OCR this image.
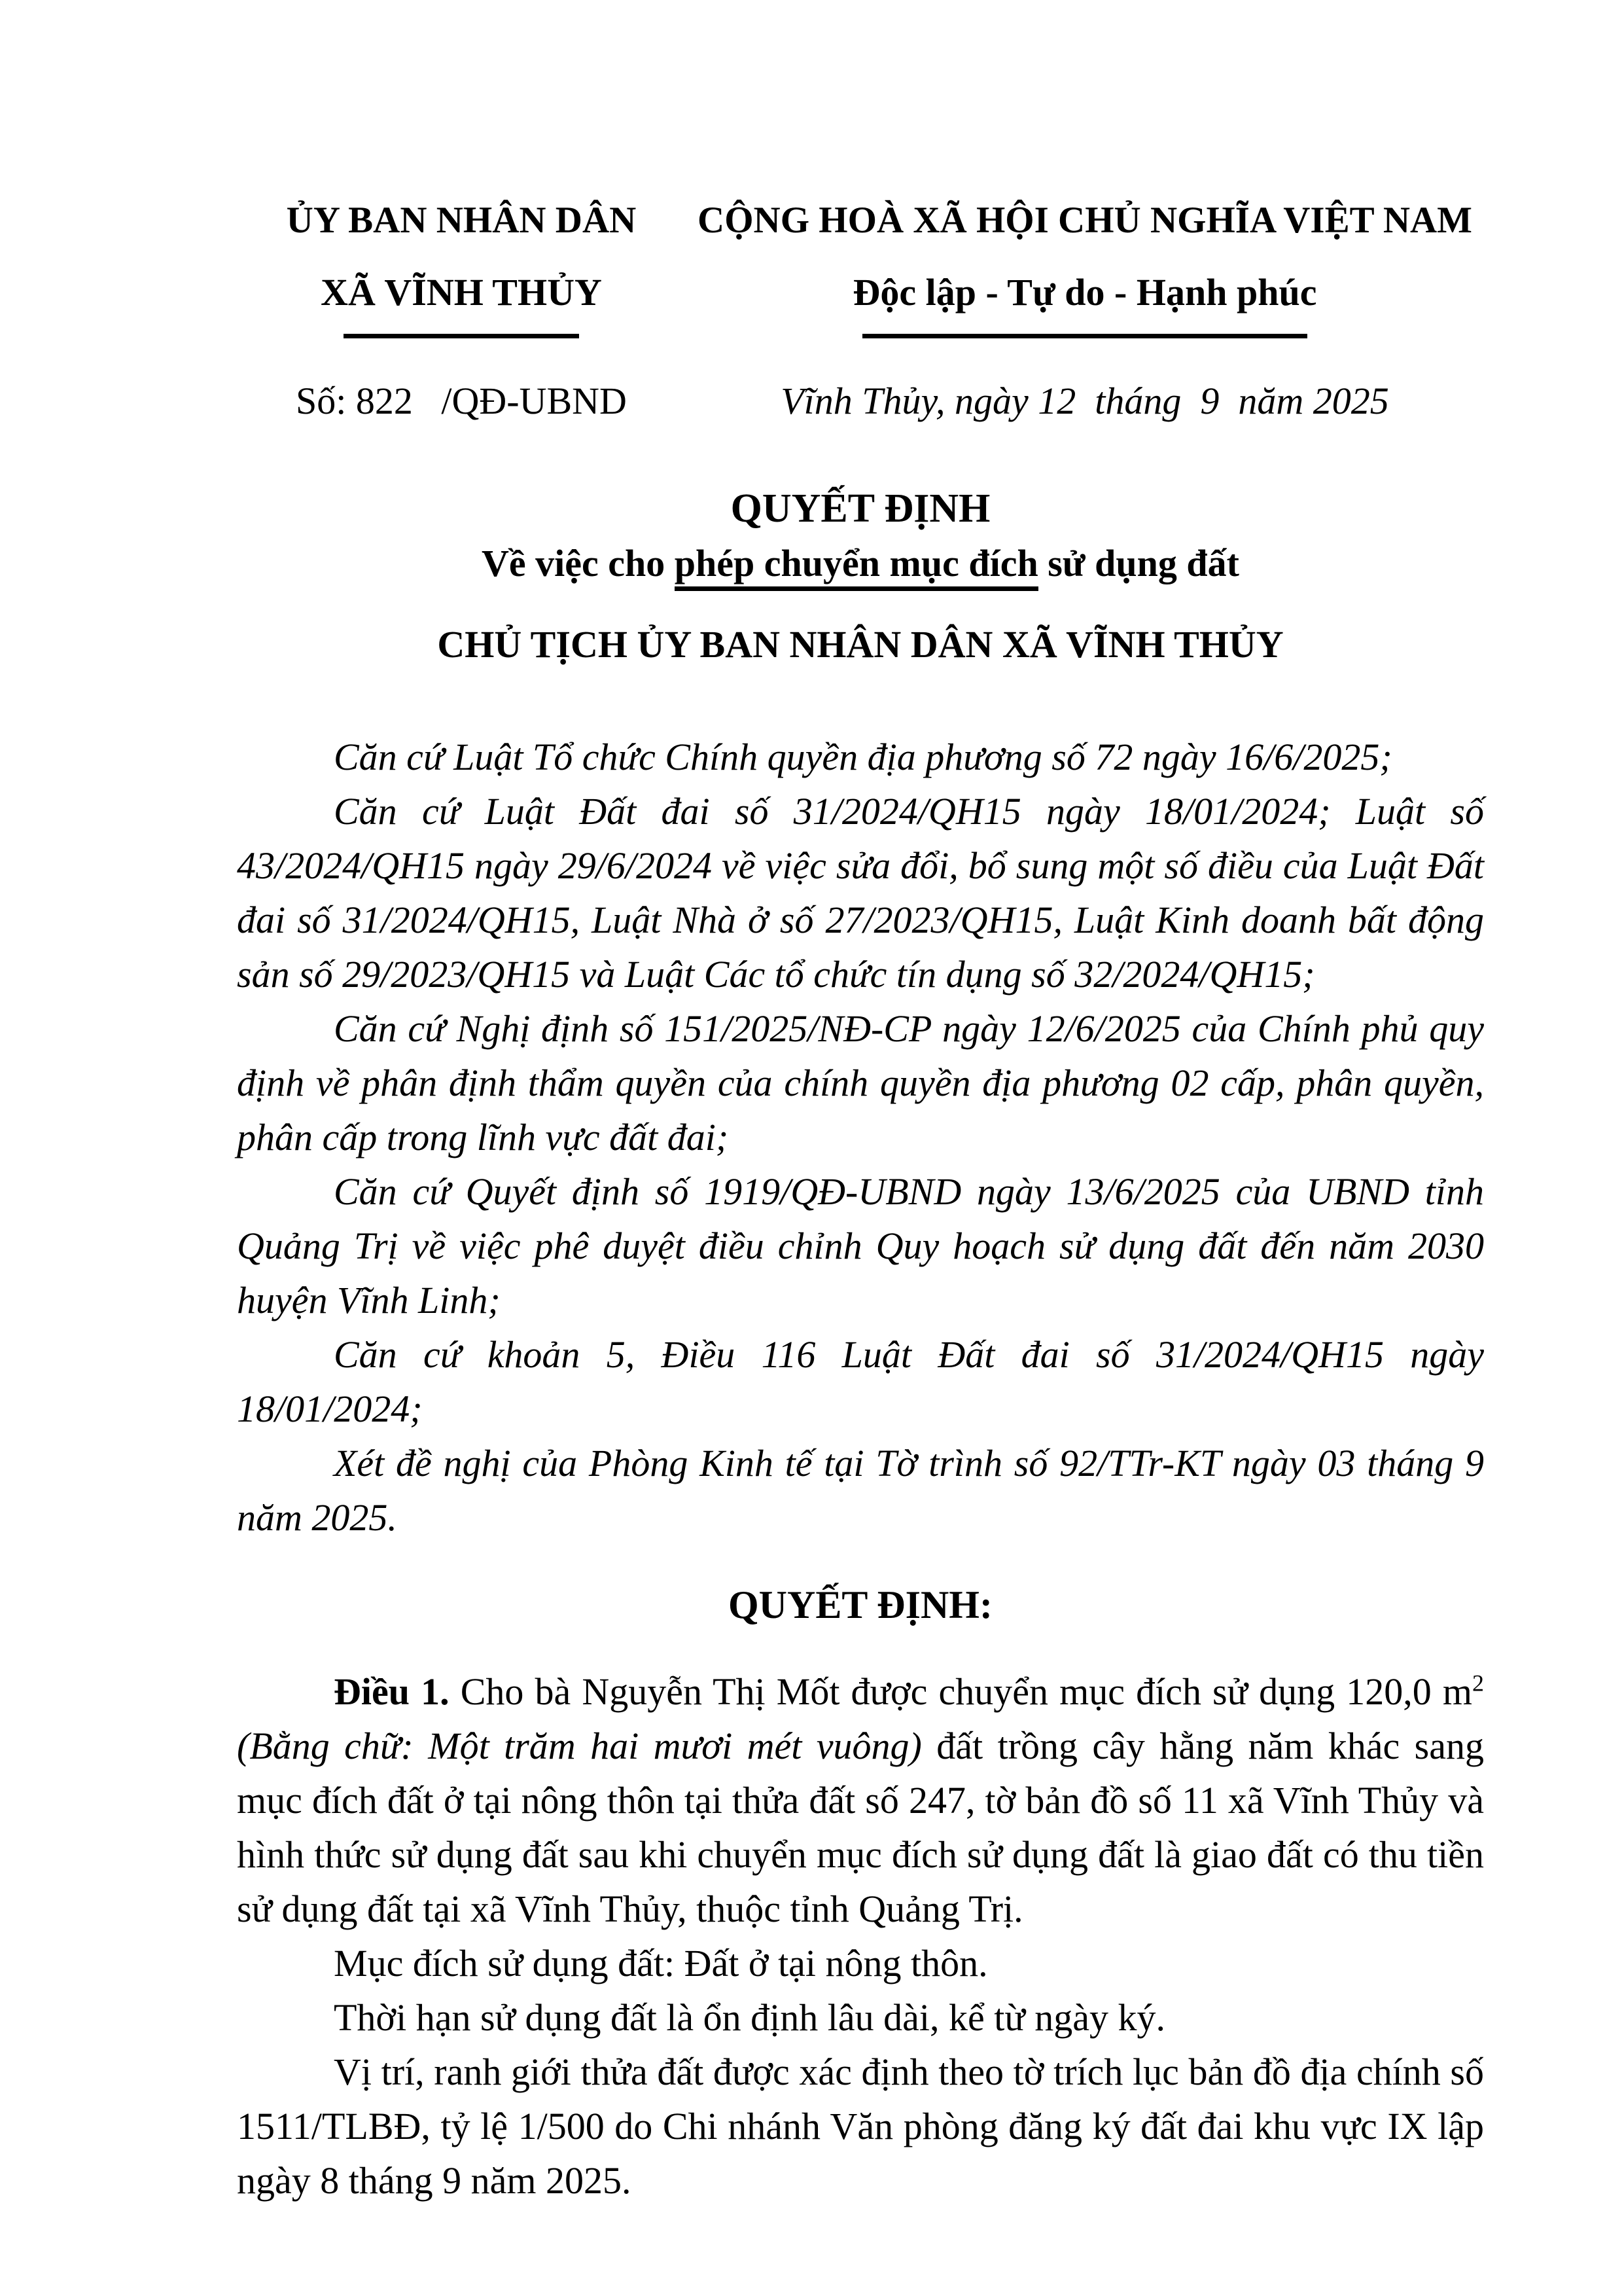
ỦY BAN NHÂN DÂN
XÃ VĨNH THỦY
Số: 822   /QĐ-UBND
CỘNG HOÀ XÃ HỘI CHỦ NGHĨA VIỆT NAM
Độc lập - Tự do - Hạnh phúc
Vĩnh Thủy, ngày 12  tháng  9  năm 2025
QUYẾT ĐỊNH
Về việc cho phép chuyển mục đích sử dụng đất
CHỦ TỊCH ỦY BAN NHÂN DÂN XÃ VĨNH THỦY

Căn cứ Luật Tổ chức Chính quyền địa phương số 72 ngày 16/6/2025;

Căn cứ Luật Đất đai số 31/2024/QH15 ngày 18/01/2024; Luật số 43/2024/QH15 ngày 29/6/2024 về việc sửa đổi, bổ sung một số điều của Luật Đất đai số 31/2024/QH15, Luật Nhà ở số 27/2023/QH15, Luật Kinh doanh bất động sản số 29/2023/QH15 và Luật Các tổ chức tín dụng số 32/2024/QH15;

Căn cứ Nghị định số 151/2025/NĐ-CP ngày 12/6/2025 của Chính phủ quy định về phân định thẩm quyền của chính quyền địa phương 02 cấp, phân quyền, phân cấp trong lĩnh vực đất đai;

Căn cứ Quyết định số 1919/QĐ-UBND ngày 13/6/2025 của UBND tỉnh Quảng Trị về việc phê duyệt điều chỉnh Quy hoạch sử dụng đất đến năm 2030 huyện Vĩnh Linh;

Căn cứ khoản 5, Điều 116 Luật Đất đai số 31/2024/QH15 ngày 18/01/2024;

Xét đề nghị của Phòng Kinh tế tại Tờ trình số 92/TTr-KT ngày 03 tháng 9 năm 2025.

QUYẾT ĐỊNH:

Điều 1. Cho bà Nguyễn Thị Mốt được chuyển mục đích sử dụng 120,0 $m^2$ (Bằng chữ: Một trăm hai mươi mét vuông) đất trồng cây hằng năm khác sang mục đích đất ở tại nông thôn tại thửa đất số 247, tờ bản đồ số 11 xã Vĩnh Thủy và hình thức sử dụng đất sau khi chuyển mục đích sử dụng đất là giao đất có thu tiền sử dụng đất tại xã Vĩnh Thủy, thuộc tỉnh Quảng Trị.

Mục đích sử dụng đất: Đất ở tại nông thôn.

Thời hạn sử dụng đất là ổn định lâu dài, kể từ ngày ký.

Vị trí, ranh giới thửa đất được xác định theo tờ trích lục bản đồ địa chính số 1511/TLBĐ, tỷ lệ 1/500 do Chi nhánh Văn phòng đăng ký đất đai khu vực IX lập ngày 8 tháng 9 năm 2025.
